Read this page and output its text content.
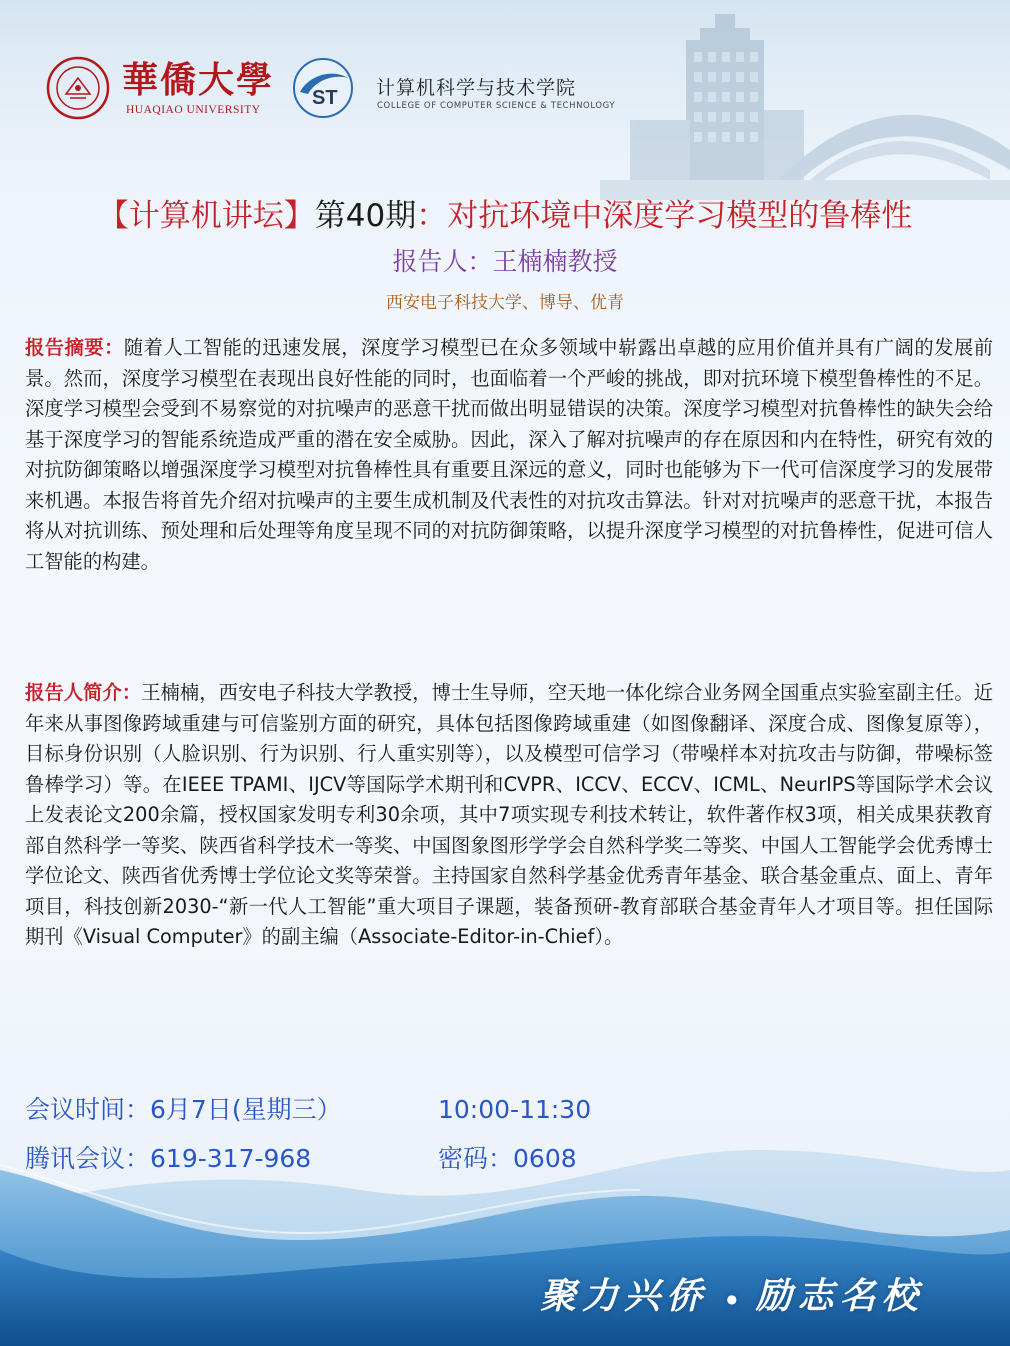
華僑大學
HUAQIAO UNIVERSITY
ST 计算机科学与技术学院
COLLEGE OF COMPUTER SCIENCE & TECHNOLOGY
【计算机讲坛】第40期：对抗环境中深度学习模型的鲁棒性
报告人：王楠楠教授
西安电子科技大学、博导、优青

报告摘要：随着人工智能的迅速发展，深度学习模型已在众多领域中崭露出卓越的应用价值并具有广阔的发展前景。然而，深度学习模型在表现出良好性能的同时，也面临着一个严峻的挑战，即对抗环境下模型鲁棒性的不足。深度学习模型会受到不易察觉的对抗噪声的恶意干扰而做出明显错误的决策。深度学习模型对抗鲁棒性的缺失会给基于深度学习的智能系统造成严重的潜在安全威胁。因此，深入了解对抗噪声的存在原因和内在特性，研究有效的对抗防御策略以增强深度学习模型对抗鲁棒性具有重要且深远的意义，同时也能够为下一代可信深度学习的发展带来机遇。本报告将首先介绍对抗噪声的主要生成机制及代表性的对抗攻击算法。针对对抗噪声的恶意干扰，本报告将从对抗训练、预处理和后处理等角度呈现不同的对抗防御策略，以提升深度学习模型的对抗鲁棒性，促进可信人工智能的构建。

报告人简介：王楠楠，西安电子科技大学教授，博士生导师，空天地一体化综合业务网全国重点实验室副主任。近年来从事图像跨域重建与可信鉴别方面的研究，具体包括图像跨域重建（如图像翻译、深度合成、图像复原等），目标身份识别（人脸识别、行为识别、行人重实别等），以及模型可信学习（带噪样本对抗攻击与防御，带噪标签鲁棒学习）等。在IEEE TPAMI、IJCV等国际学术期刊和CVPR、ICCV、ECCV、ICML、NeurIPS等国际学术会议上发表论文200余篇，授权国家发明专利30余项，其中7项实现专利技术转让，软件著作权3项，相关成果获教育部自然科学一等奖、陕西省科学技术一等奖、中国图象图形学学会自然科学奖二等奖、中国人工智能学会优秀博士学位论文、陕西省优秀博士学位论文奖等荣誉。主持国家自然科学基金优秀青年基金、联合基金重点、面上、青年项目，科技创新2030-“新一代人工智能”重大项目子课题，装备预研-教育部联合基金青年人才项目等。担任国际期刊《Visual Computer》的副主编（Associate-Editor-in-Chief）。

会议时间：6月7日(星期三）	10:00-11:30
腾讯会议：619-317-968	密码：0608
聚力兴侨 ● 励志名校
